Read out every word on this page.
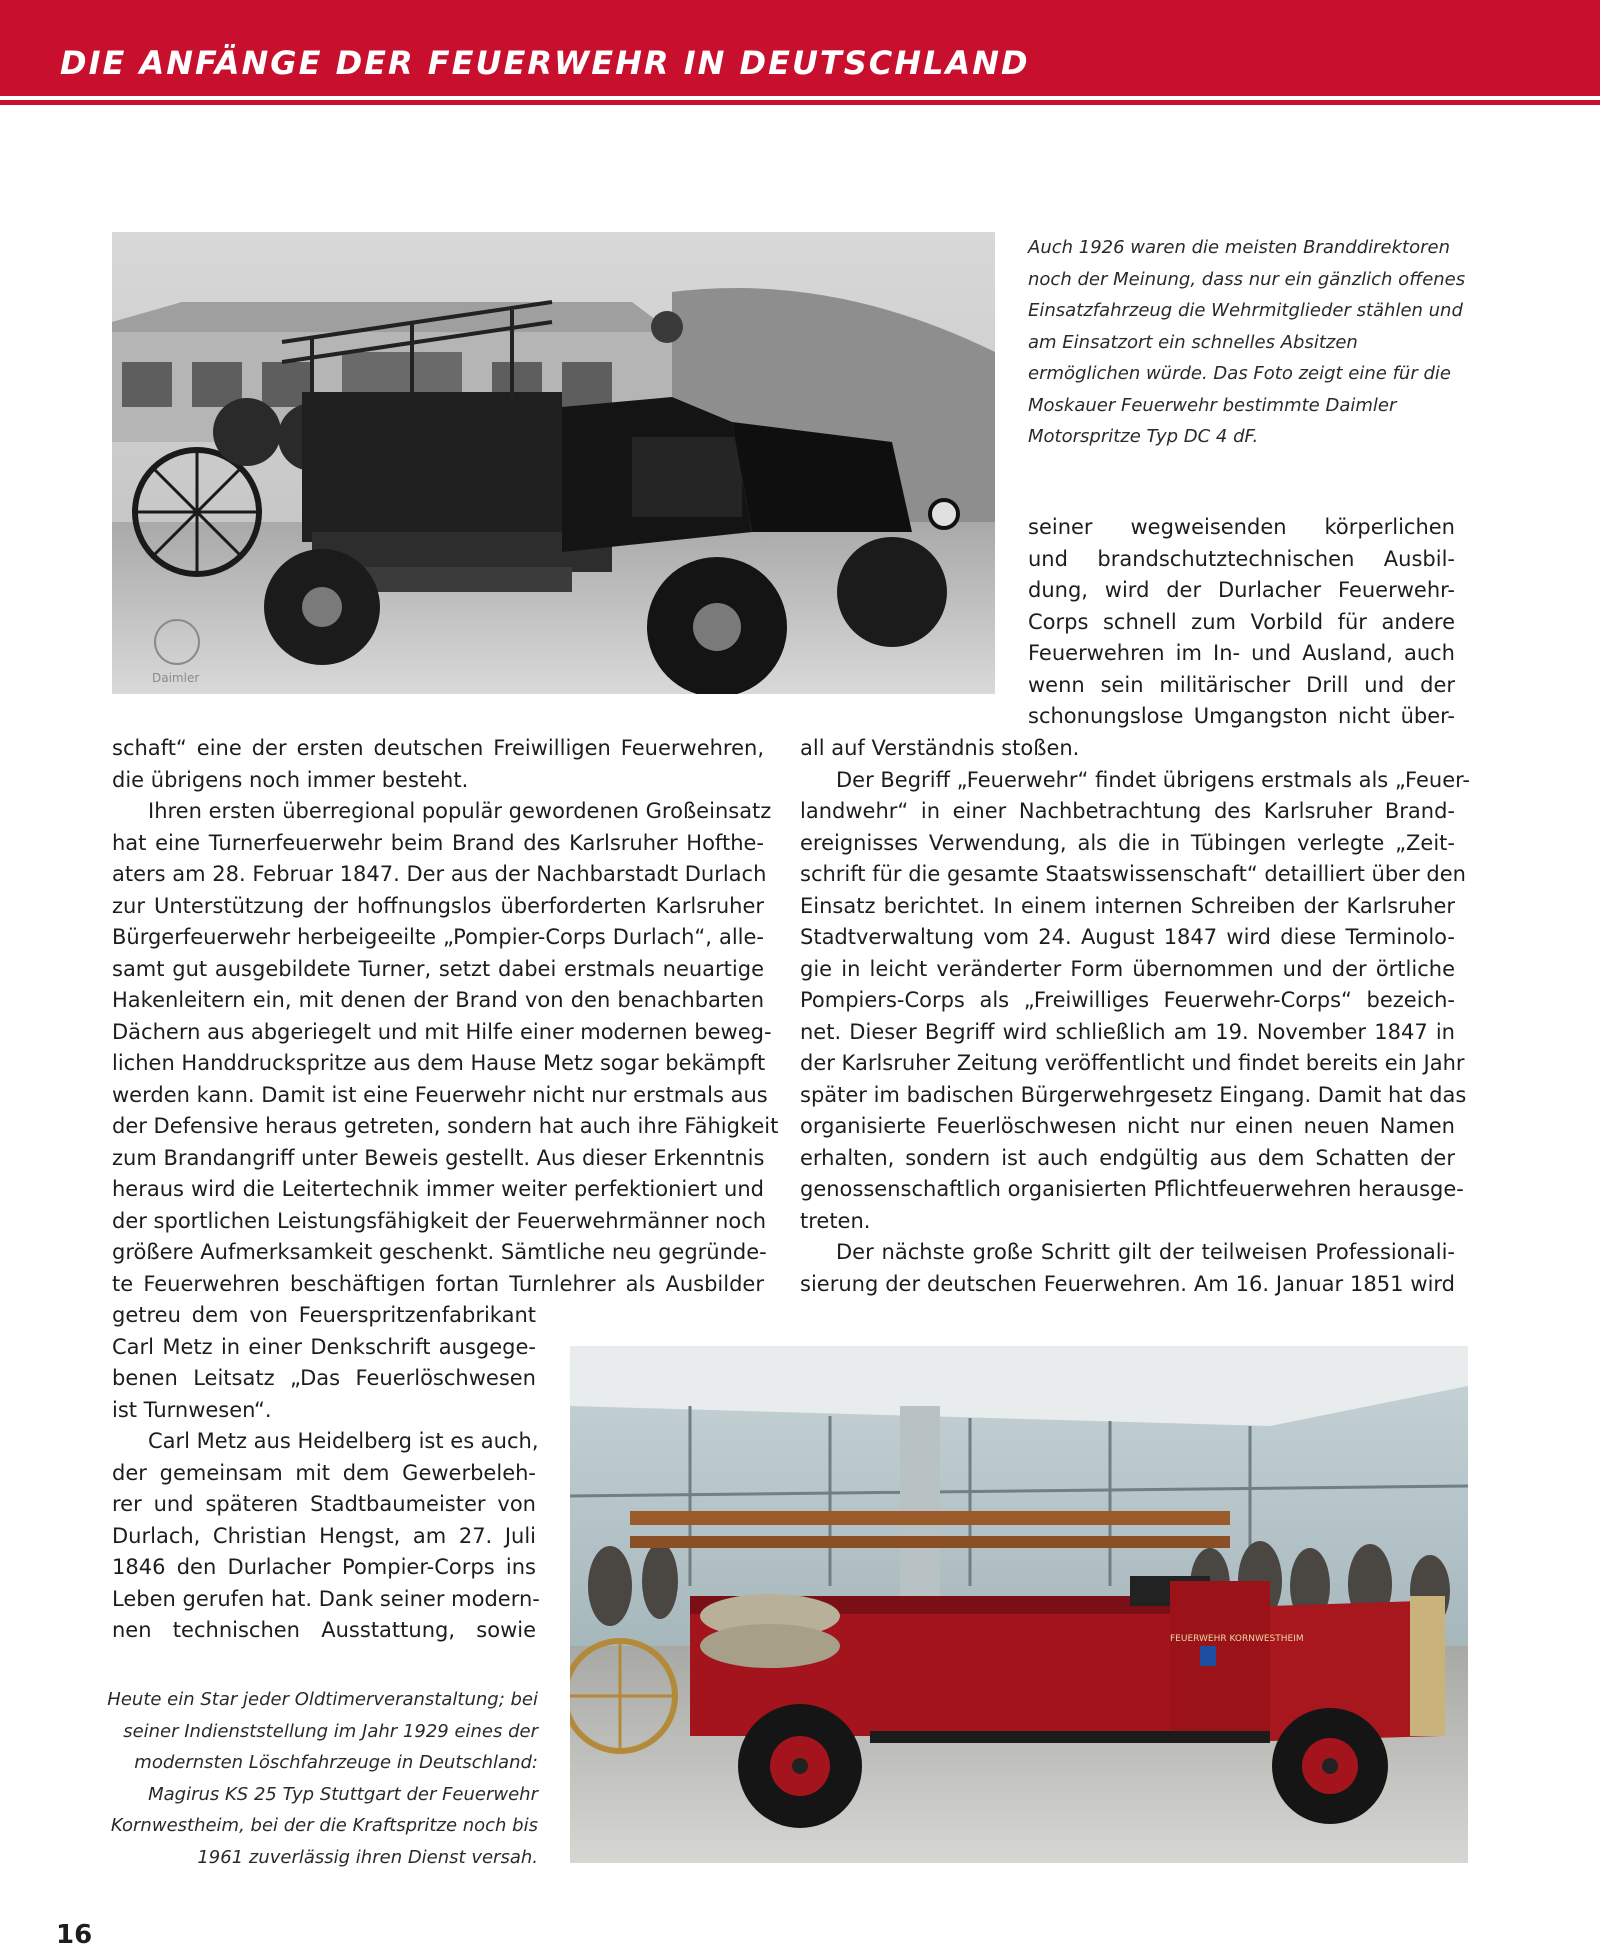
DIE ANFÄNGE DER FEUERWEHR IN DEUTSCHLAND
Daimler

Auch 1926 waren die meisten Branddirektoren noch der Meinung, dass nur ein gänzlich offenes Einsatzfahrzeug die Wehrmitglieder stählen und am Einsatzort ein schnelles Absitzen ermöglichen würde. Das Foto zeigt eine für die Moskauer Feuerwehr bestimmte Daimler Motorspritze Typ DC 4 dF.

seiner wegweisenden körperlichen

und brandschutztechnischen Ausbil-

dung, wird der Durlacher Feuerwehr-

Corps schnell zum Vorbild für andere

Feuerwehren im In- und Ausland, auch

wenn sein militärischer Drill und der

schonungslose Umgangston nicht über-

schaft“ eine der ersten deutschen Freiwilligen Feuerwehren,

die übrigens noch immer besteht.

Ihren ersten überregional populär gewordenen Großeinsatz

hat eine Turnerfeuerwehr beim Brand des Karlsruher Hofthe-

aters am 28. Februar 1847. Der aus der Nachbarstadt Durlach

zur Unterstützung der hoffnungslos überforderten Karlsruher

Bürgerfeuerwehr herbeigeeilte „Pompier-Corps Durlach“, alle-

samt gut ausgebildete Turner, setzt dabei erstmals neuartige

Hakenleitern ein, mit denen der Brand von den benachbarten

Dächern aus abgeriegelt und mit Hilfe einer modernen beweg-

lichen Handdruckspritze aus dem Hause Metz sogar bekämpft

werden kann. Damit ist eine Feuerwehr nicht nur erstmals aus

der Defensive heraus getreten, sondern hat auch ihre Fähigkeit

zum Brandangriff unter Beweis gestellt. Aus dieser Erkenntnis

heraus wird die Leitertechnik immer weiter perfektioniert und

der sportlichen Leistungsfähigkeit der Feuerwehrmänner noch

größere Aufmerksamkeit geschenkt. Sämtliche neu gegründe-

te Feuerwehren beschäftigen fortan Turnlehrer als Ausbilder

getreu dem von Feuerspritzenfabrikant

Carl Metz in einer Denkschrift ausgege-

benen Leitsatz „Das Feuerlöschwesen

ist Turnwesen“.

Carl Metz aus Heidelberg ist es auch,

der gemeinsam mit dem Gewerbeleh-

rer und späteren Stadtbaumeister von

Durlach, Christian Hengst, am 27. Juli

1846 den Durlacher Pompier-Corps ins

Leben gerufen hat. Dank seiner modern-

nen technischen Ausstattung, sowie

all auf Verständnis stoßen.

Der Begriff „Feuerwehr“ findet übrigens erstmals als „Feuer-

landwehr“ in einer Nachbetrachtung des Karlsruher Brand-

ereignisses Verwendung, als die in Tübingen verlegte „Zeit-

schrift für die gesamte Staatswissenschaft“ detailliert über den

Einsatz berichtet. In einem internen Schreiben der Karlsruher

Stadtverwaltung vom 24. August 1847 wird diese Terminolo-

gie in leicht veränderter Form übernommen und der örtliche

Pompiers-Corps als „Freiwilliges Feuerwehr-Corps“ bezeich-

net. Dieser Begriff wird schließlich am 19. November 1847 in

der Karlsruher Zeitung veröffentlicht und findet bereits ein Jahr

später im badischen Bürgerwehrgesetz Eingang. Damit hat das

organisierte Feuerlöschwesen nicht nur einen neuen Namen

erhalten, sondern ist auch endgültig aus dem Schatten der

genossenschaftlich organisierten Pflichtfeuerwehren herausge-

treten.

Der nächste große Schritt gilt der teilweisen Professionali-

sierung der deutschen Feuerwehren. Am 16. Januar 1851 wird

FEUERWEHR KORNWESTHEIM

Heute ein Star jeder Oldtimerveranstaltung; bei seiner Indienststellung im Jahr 1929 eines der modernsten Löschfahrzeuge in Deutschland: Magirus KS 25 Typ Stuttgart der Feuerwehr Kornwestheim, bei der die Kraftspritze noch bis 1961 zuverlässig ihren Dienst versah.

16
